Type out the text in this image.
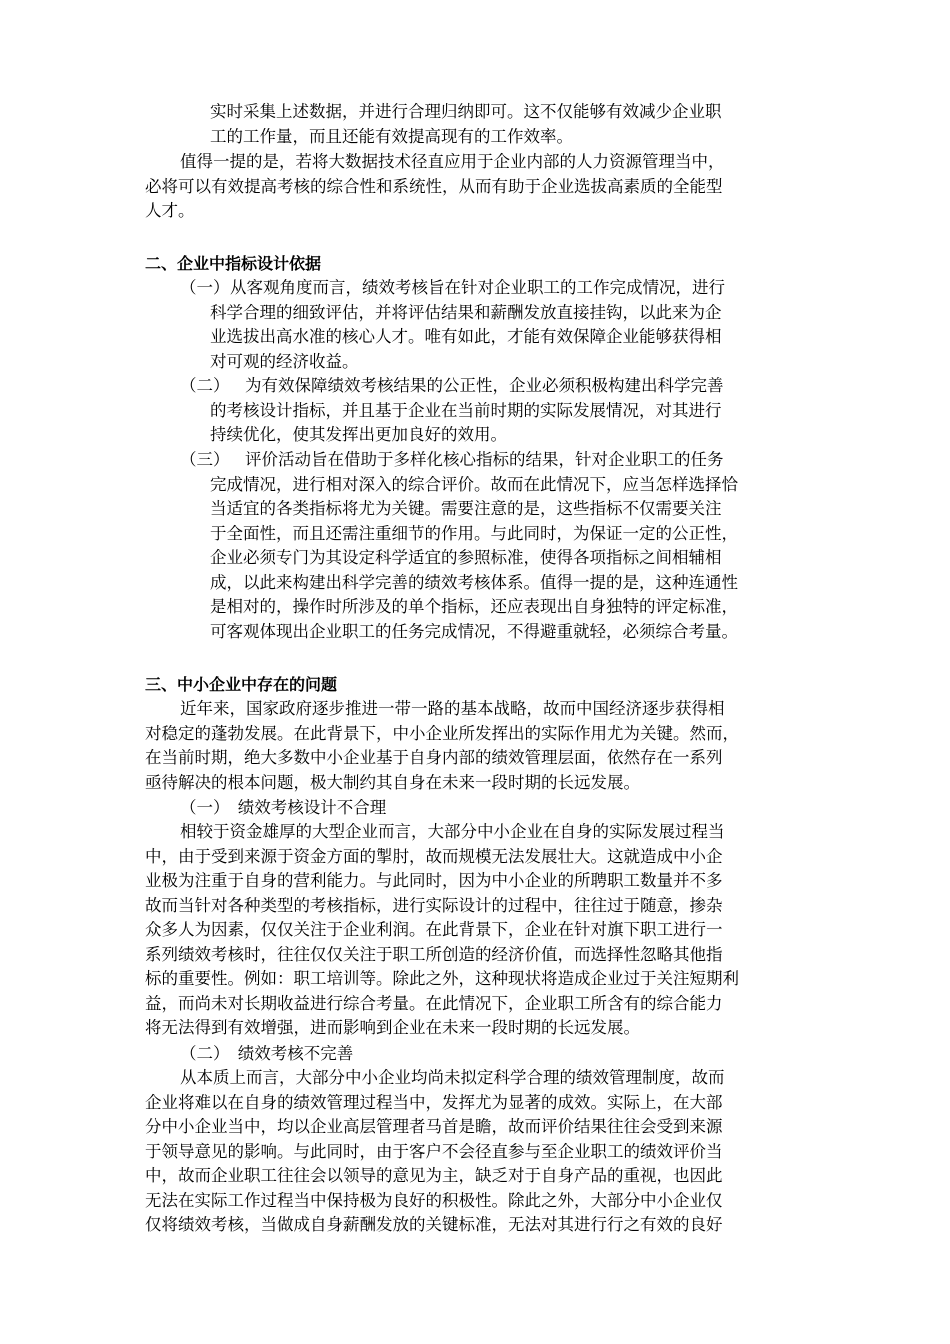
实时采集上述数据，并进行合理归纳即可。这不仅能够有效减少企业职
工的工作量，而且还能有效提高现有的工作效率。
值得一提的是，若将大数据技术径直应用于企业内部的人力资源管理当中，
必将可以有效提高考核的综合性和系统性，从而有助于企业选拔高素质的全能型
人才。

二、企业中指标设计依据

（一） 从客观角度而言，绩效考核旨在针对企业职工的工作完成情况，进行
科学合理的细致评估，并将评估结果和薪酬发放直接挂钩，以此来为企
业选拔出高水准的核心人才。唯有如此，才能有效保障企业能够获得相
对可观的经济收益。
（二） 为有效保障绩效考核结果的公正性，企业必须积极构建出科学完善
的考核设计指标，并且基于企业在当前时期的实际发展情况，对其进行
持续优化，使其发挥出更加良好的效用。
（三） 评价活动旨在借助于多样化核心指标的结果，针对企业职工的任务
完成情况，进行相对深入的综合评价。故而在此情况下，应当怎样选择恰
当适宜的各类指标将尤为关键。需要注意的是，这些指标不仅需要关注
于全面性，而且还需注重细节的作用。与此同时，为保证一定的公正性，
企业必须专门为其设定科学适宜的参照标准，使得各项指标之间相辅相
成，以此来构建出科学完善的绩效考核体系。值得一提的是，这种连通性
是相对的，操作时所涉及的单个指标，还应表现出自身独特的评定标准，
可客观体现出企业职工的任务完成情况，不得避重就轻，必须综合考量。

三、中小企业中存在的问题

近年来，国家政府逐步推进一带一路的基本战略，故而中国经济逐步获得相
对稳定的蓬勃发展。在此背景下，中小企业所发挥出的实际作用尤为关键。然而，
在当前时期，绝大多数中小企业基于自身内部的绩效管理层面，依然存在一系列
亟待解决的根本问题，极大制约其自身在未来一段时期的长远发展。
（一）　绩效考核设计不合理
相较于资金雄厚的大型企业而言，大部分中小企业在自身的实际发展过程当
中，由于受到来源于资金方面的掣肘，故而规模无法发展壮大。这就造成中小企
业极为注重于自身的营利能力。与此同时，因为中小企业的所聘职工数量并不多
故而当针对各种类型的考核指标，进行实际设计的过程中，往往过于随意，掺杂
众多人为因素，仅仅关注于企业利润。在此背景下，企业在针对旗下职工进行一
系列绩效考核时，往往仅仅关注于职工所创造的经济价值，而选择性忽略其他指
标的重要性。例如：职工培训等。除此之外，这种现状将造成企业过于关注短期利
益，而尚未对长期收益进行综合考量。在此情况下，企业职工所含有的综合能力
将无法得到有效增强，进而影响到企业在未来一段时期的长远发展。
（二）　绩效考核不完善
从本质上而言，大部分中小企业均尚未拟定科学合理的绩效管理制度，故而
企业将难以在自身的绩效管理过程当中，发挥尤为显著的成效。实际上，在大部
分中小企业当中，均以企业高层管理者马首是瞻，故而评价结果往往会受到来源
于领导意见的影响。与此同时，由于客户不会径直参与至企业职工的绩效评价当
中，故而企业职工往往会以领导的意见为主，缺乏对于自身产品的重视，也因此
无法在实际工作过程当中保持极为良好的积极性。除此之外，大部分中小企业仅
仅将绩效考核，当做成自身薪酬发放的关键标准，无法对其进行行之有效的良好
